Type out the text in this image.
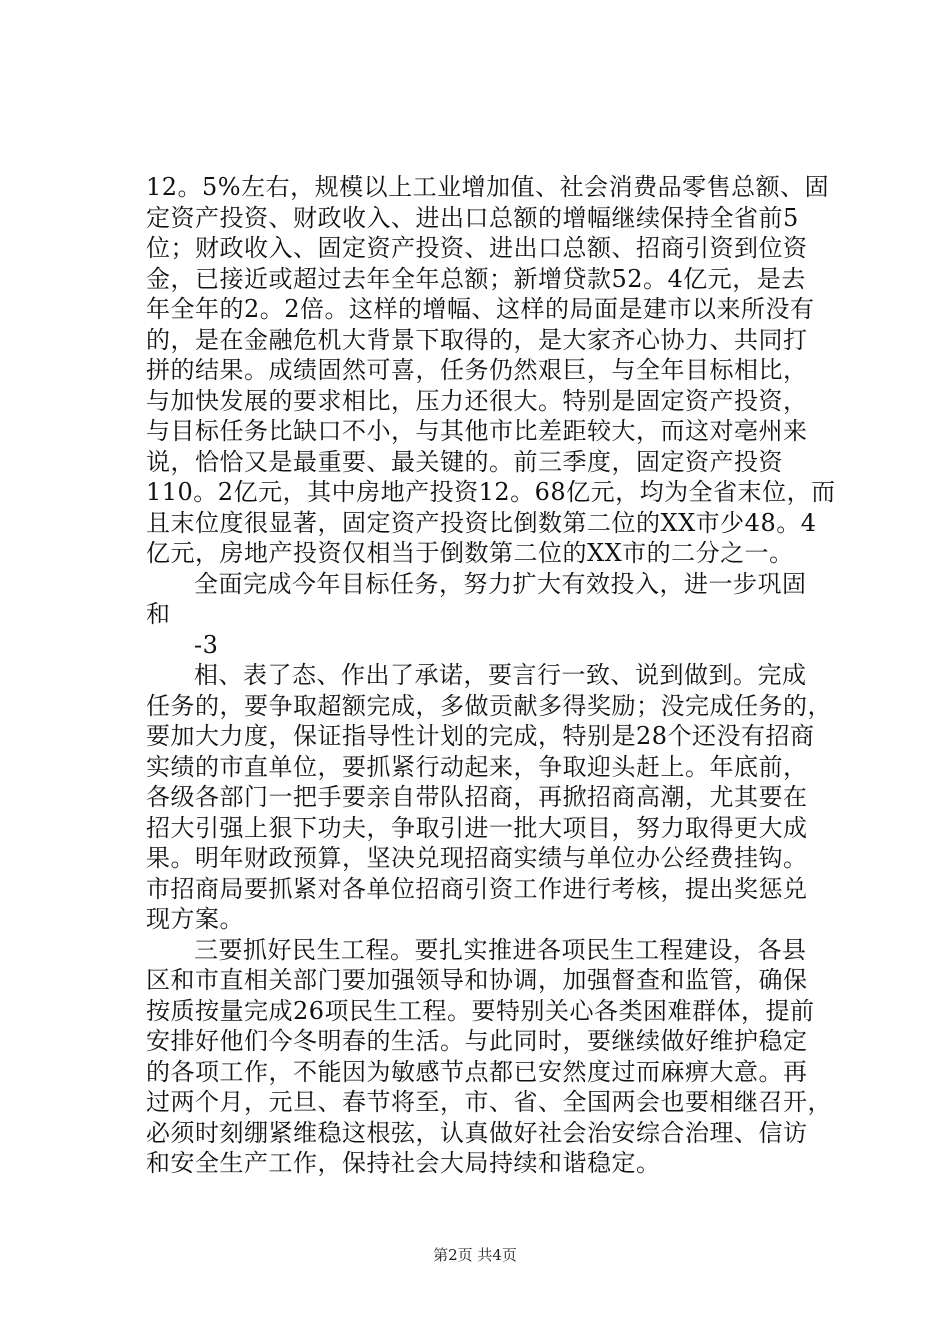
12。5%左右，规模以上工业增加值、社会消费品零售总额、固
定资产投资、财政收入、进出口总额的增幅继续保持全省前5
位；财政收入、固定资产投资、进出口总额、招商引资到位资
金，已接近或超过去年全年总额；新增贷款52。4亿元，是去
年全年的2。2倍。这样的增幅、这样的局面是建市以来所没有
的，是在金融危机大背景下取得的，是大家齐心协力、共同打
拼的结果。成绩固然可喜，任务仍然艰巨，与全年目标相比，
与加快发展的要求相比，压力还很大。特别是固定资产投资，
与目标任务比缺口不小，与其他市比差距较大，而这对亳州来
说，恰恰又是最重要、最关键的。前三季度，固定资产投资
110。2亿元，其中房地产投资12。68亿元，均为全省末位，而
且末位度很显著，固定资产投资比倒数第二位的XX市少48。4
亿元，房地产投资仅相当于倒数第二位的XX市的二分之一。
全面完成今年目标任务，努力扩大有效投入，进一步巩固
和
-3
相、表了态、作出了承诺，要言行一致、说到做到。完成
任务的，要争取超额完成，多做贡献多得奖励；没完成任务的，
要加大力度，保证指导性计划的完成，特别是28个还没有招商
实绩的市直单位，要抓紧行动起来，争取迎头赶上。年底前，
各级各部门一把手要亲自带队招商，再掀招商高潮，尤其要在
招大引强上狠下功夫，争取引进一批大项目，努力取得更大成
果。明年财政预算，坚决兑现招商实绩与单位办公经费挂钩。
市招商局要抓紧对各单位招商引资工作进行考核，提出奖惩兑
现方案。
三要抓好民生工程。要扎实推进各项民生工程建设，各县
区和市直相关部门要加强领导和协调，加强督查和监管，确保
按质按量完成26项民生工程。要特别关心各类困难群体，提前
安排好他们今冬明春的生活。与此同时，要继续做好维护稳定
的各项工作，不能因为敏感节点都已安然度过而麻痹大意。再
过两个月，元旦、春节将至，市、省、全国两会也要相继召开，
必须时刻绷紧维稳这根弦，认真做好社会治安综合治理、信访
和安全生产工作，保持社会大局持续和谐稳定。
第2页 共4页
